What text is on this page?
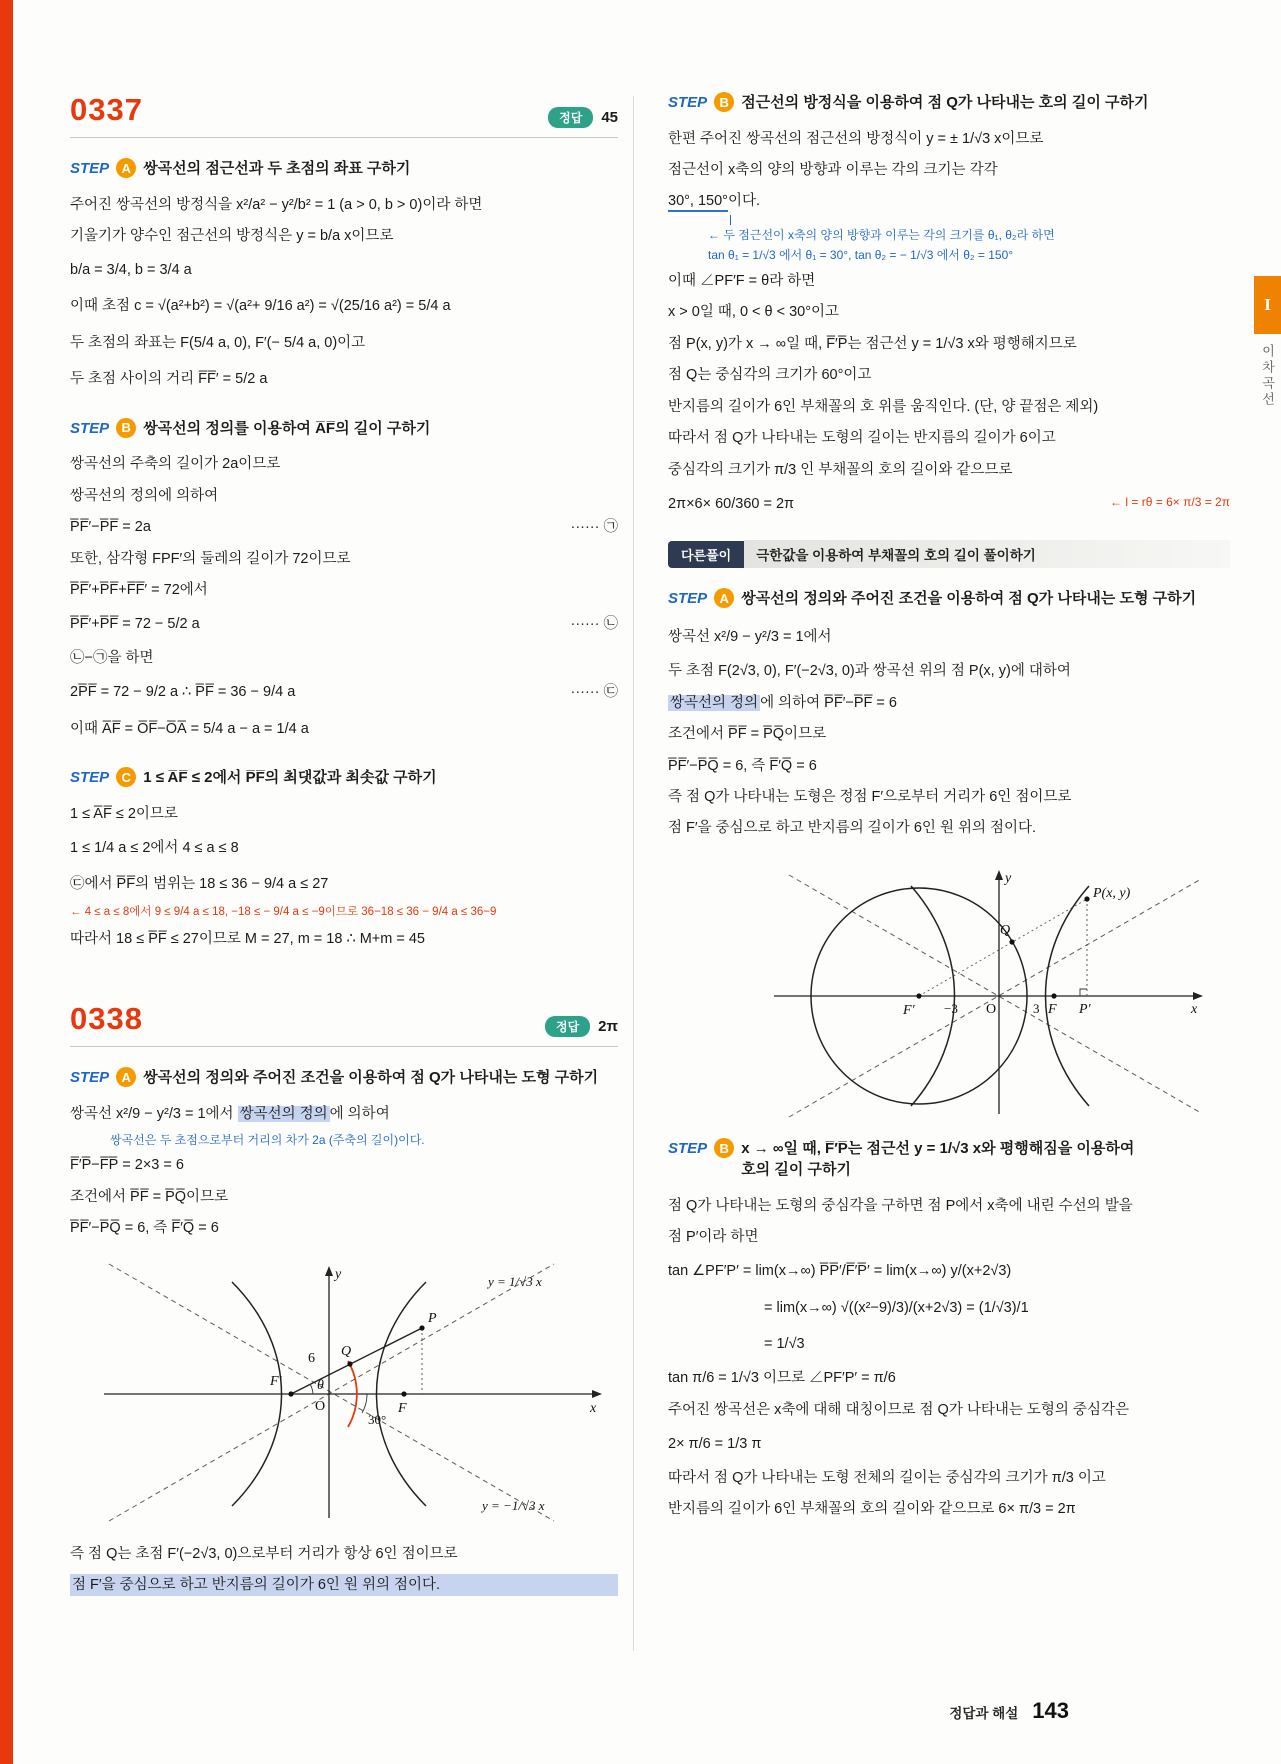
I
이차곡선
0337	정답	45
STEP A 쌍곡선의 점근선과 두 초점의 좌표 구하기

주어진 쌍곡선의 방정식을 x²/a² − y²/b² = 1 (a > 0, b > 0)이라 하면

기울기가 양수인 점근선의 방정식은 y = b/a x이므로

b/a = 3/4, b = 3/4 a

이때 초점 c = √(a²+b²) = √(a²+ 9/16 a²) = √(25/16 a²) = 5/4 a

두 초점의 좌표는 F(5/4 a, 0), F′(− 5/4 a, 0)이고

두 초점 사이의 거리 F̅F̅′ = 5/2 a

STEP B 쌍곡선의 정의를 이용하여 A̅F̅의 길이 구하기

쌍곡선의 주축의 길이가 2a이므로

쌍곡선의 정의에 의하여

P̅F̅′−P̅F̅ = 2a	······ ㉠

또한, 삼각형 FPF′의 둘레의 길이가 72이므로

P̅F̅′+P̅F̅+F̅F̅′ = 72에서

P̅F̅′+P̅F̅ = 72 − 5/2 a	······ ㉡

㉡−㉠을 하면

2P̅F̅ = 72 − 9/2 a ∴ P̅F̅ = 36 − 9/4 a	······ ㉢

이때 A̅F̅ = O̅F̅−O̅A̅ = 5/4 a − a = 1/4 a

STEP C 1 ≤ A̅F̅ ≤ 2에서 P̅F̅의 최댓값과 최솟값 구하기

1 ≤ A̅F̅ ≤ 2이므로

1 ≤ 1/4 a ≤ 2에서 4 ≤ a ≤ 8

㉢에서 P̅F̅의 범위는 18 ≤ 36 − 9/4 a ≤ 27

← 4 ≤ a ≤ 8에서 9 ≤ 9/4 a ≤ 18, −18 ≤ − 9/4 a ≤ −9이므로 36−18 ≤ 36 − 9/4 a ≤ 36−9

따라서 18 ≤ P̅F̅ ≤ 27이므로 M = 27, m = 18 ∴ M+m = 45

0338	정답	2π
STEP A 쌍곡선의 정의와 주어진 조건을 이용하여 점 Q가 나타내는 도형 구하기

쌍곡선 x²/9 − y²/3 = 1에서 쌍곡선의 정의 에 의하여

쌍곡선은 두 초점으로부터 거리의 차가 2a (주축의 길이)이다.

F̅′P̅−F̅P̅ = 2×3 = 6

조건에서 P̅F̅ = P̅Q̅이므로

P̅F̅′−P̅Q̅ = 6, 즉 F̅′Q̅ = 6

y
x
F′
O	F
Q
P
θ
6
30°
y = 1/√3 x
y = −1/√3 x

즉 점 Q는 초점 F′(−2√3, 0)으로부터 거리가 항상 6인 점이므로

점 F′을 중심으로 하고 반지름의 길이가 6인 원 위의 점이다.

STEP B 점근선의 방정식을 이용하여 점 Q가 나타내는 호의 길이 구하기

한편 주어진 쌍곡선의 점근선의 방정식이 y = ± 1/√3 x이므로

점근선이 x축의 양의 방향과 이루는 각의 크기는 각각

30°, 150°이다.

← 두 점근선이 x축의 양의 방향과 이루는 각의 크기를 θ₁, θ₂라 하면

tan θ₁ = 1/√3 에서 θ₁ = 30°, tan θ₂ = − 1/√3 에서 θ₂ = 150°

이때 ∠PF′F = θ라 하면

x > 0일 때, 0 < θ < 30°이고

점 P(x, y)가 x → ∞일 때, F̅′P̅는 점근선 y = 1/√3 x와 평행해지므로

점 Q는 중심각의 크기가 60°이고

반지름의 길이가 6인 부채꼴의 호 위를 움직인다. (단, 양 끝점은 제외)

따라서 점 Q가 나타내는 도형의 길이는 반지름의 길이가 6이고

중심각의 크기가 π/3 인 부채꼴의 호의 길이와 같으므로

2π×6× 60/360 = 2π	← l = rθ = 6× π/3 = 2π

다른풀이	극한값을 이용하여 부채꼴의 호의 길이 풀이하기
STEP A 쌍곡선의 정의와 주어진 조건을 이용하여 점 Q가 나타내는 도형 구하기

쌍곡선 x²/9 − y²/3 = 1에서

두 초점 F(2√3, 0), F′(−2√3, 0)과 쌍곡선 위의 점 P(x, y)에 대하여

쌍곡선의 정의 에 의하여 P̅F̅′−P̅F̅ = 6

조건에서 P̅F̅ = P̅Q̅이므로

P̅F̅′−P̅Q̅ = 6, 즉 F̅′Q̅ = 6

즉 점 Q가 나타내는 도형은 정점 F′으로부터 거리가 6인 점이므로

점 F′을 중심으로 하고 반지름의 길이가 6인 원 위의 점이다.

y
x
Q
P(x, y)
F′ −3 O	3 F P′
STEP B x → ∞일 때, F̅′P̅는 점근선 y = 1/√3 x와 평행해짐을 이용하여
호의 길이 구하기

점 Q가 나타내는 도형의 중심각을 구하면 점 P에서 x축에 내린 수선의 발을

점 P′이라 하면

tan ∠PF′P′ = lim(x→∞) P̅P̅′/F̅′P̅′ = lim(x→∞) y/(x+2√3)

= lim(x→∞) √((x²−9)/3)/(x+2√3) = (1/√3)/1

= 1/√3

tan π/6 = 1/√3 이므로 ∠PF′P′ = π/6

주어진 쌍곡선은 x축에 대해 대칭이므로 점 Q가 나타내는 도형의 중심각은

2× π/6 = 1/3 π

따라서 점 Q가 나타내는 도형 전체의 길이는 중심각의 크기가 π/3 이고

반지름의 길이가 6인 부채꼴의 호의 길이와 같으므로 6× π/3 = 2π

정답과 해설 143
